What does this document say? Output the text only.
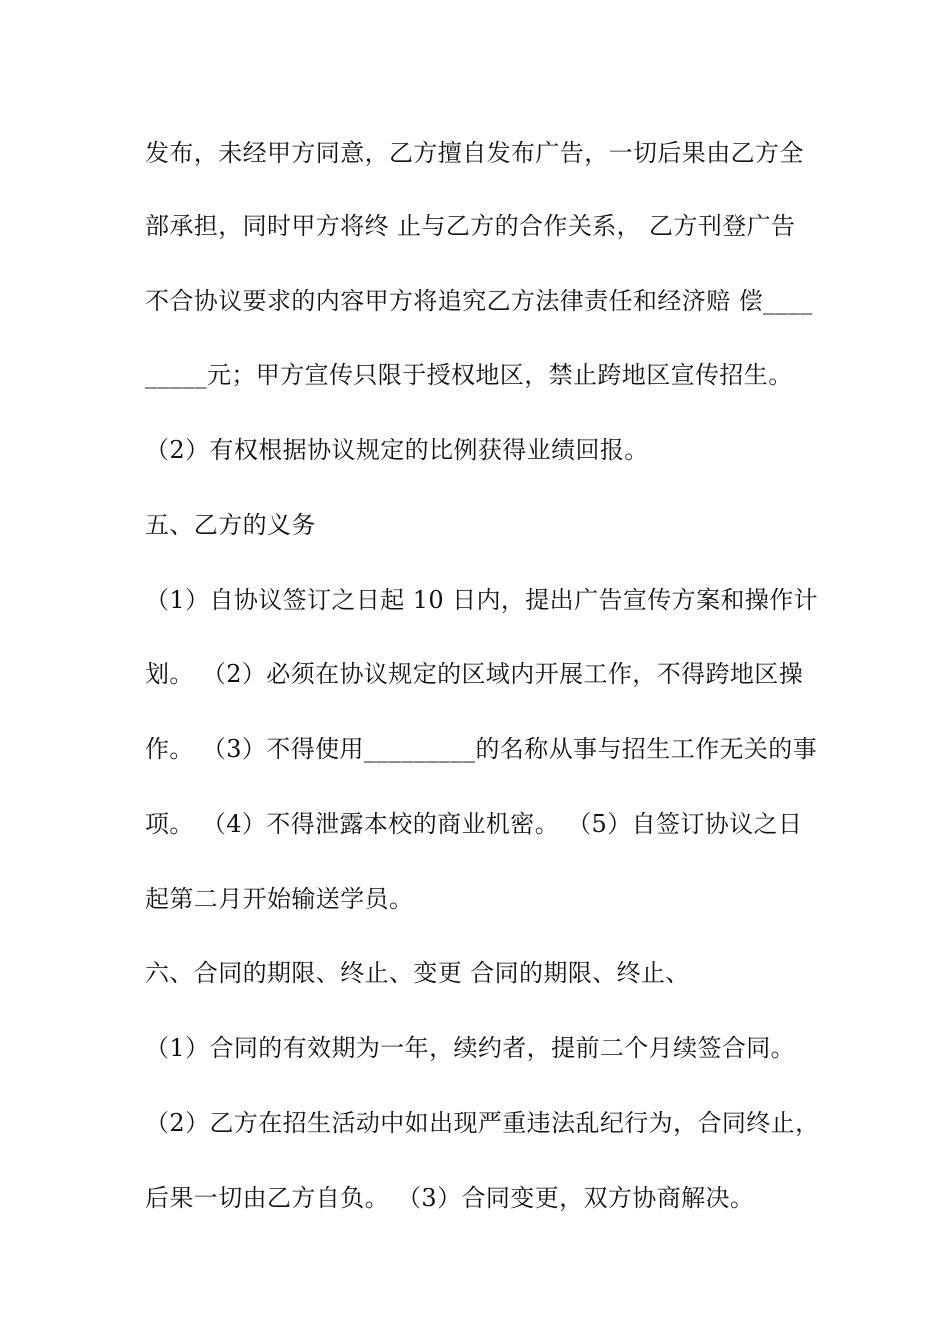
发布，未经甲方同意，乙方擅自发布广告，一切后果由乙方全
部承担，同时甲方将终 止与乙方的合作关系， 乙方刊登广告
不合协议要求的内容甲方将追究乙方法律责任和经济赔 偿____
_____元；甲方宣传只限于授权地区，禁止跨地区宣传招生。
（2）有权根据协议规定的比例获得业绩回报。
五、乙方的义务
（1）自协议签订之日起 10 日内，提出广告宣传方案和操作计
划。 （2）必须在协议规定的区域内开展工作，不得跨地区操
作。 （3）不得使用_________的名称从事与招生工作无关的事
项。 （4）不得泄露本校的商业机密。 （5）自签订协议之日
起第二月开始输送学员。
六、合同的期限、终止、变更 合同的期限、终止、
（1）合同的有效期为一年，续约者，提前二个月续签合同。
（2）乙方在招生活动中如出现严重违法乱纪行为，合同终止，
后果一切由乙方自负。 （3）合同变更，双方协商解决。
